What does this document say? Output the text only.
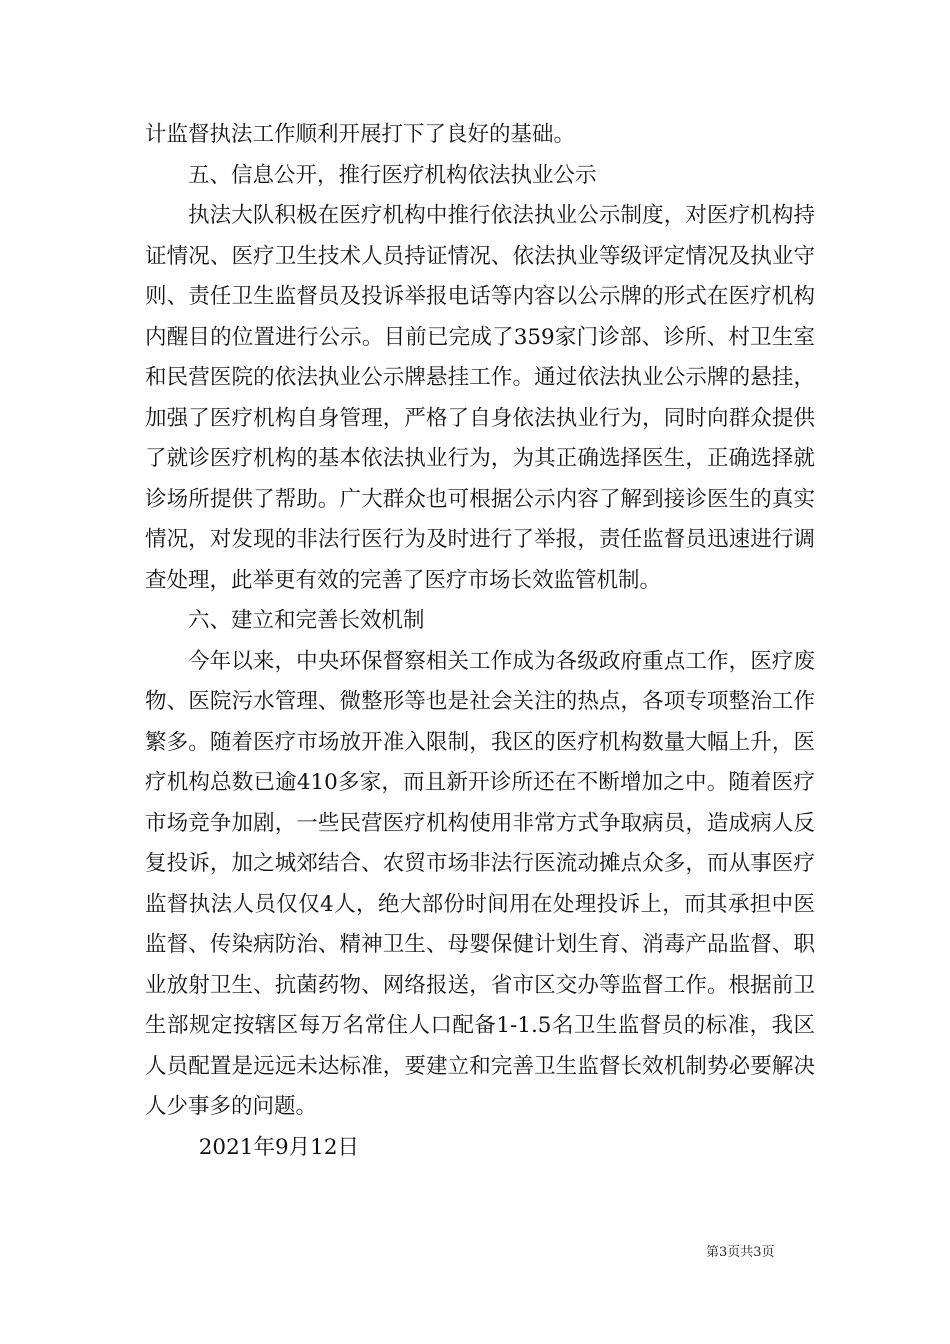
计监督执法工作顺利开展打下了良好的基础。

五、信息公开，推行医疗机构依法执业公示

执法大队积极在医疗机构中推行依法执业公示制度，对医疗机构持证情况、医疗卫生技术人员持证情况、依法执业等级评定情况及执业守则、责任卫生监督员及投诉举报电话等内容以公示牌的形式在医疗机构内醒目的位置进行公示。目前已完成了359家门诊部、诊所、村卫生室和民营医院的依法执业公示牌悬挂工作。通过依法执业公示牌的悬挂，加强了医疗机构自身管理，严格了自身依法执业行为，同时向群众提供了就诊医疗机构的基本依法执业行为，为其正确选择医生，正确选择就诊场所提供了帮助。广大群众也可根据公示内容了解到接诊医生的真实情况，对发现的非法行医行为及时进行了举报，责任监督员迅速进行调查处理，此举更有效的完善了医疗市场长效监管机制。

六、建立和完善长效机制

今年以来，中央环保督察相关工作成为各级政府重点工作，医疗废物、医院污水管理、微整形等也是社会关注的热点，各项专项整治工作繁多。随着医疗市场放开准入限制，我区的医疗机构数量大幅上升，医疗机构总数已逾410多家，而且新开诊所还在不断增加之中。随着医疗市场竞争加剧，一些民营医疗机构使用非常方式争取病员，造成病人反复投诉，加之城郊结合、农贸市场非法行医流动摊点众多，而从事医疗监督执法人员仅仅4人，绝大部份时间用在处理投诉上，而其承担中医监督、传染病防治、精神卫生、母婴保健计划生育、消毒产品监督、职业放射卫生、抗菌药物、网络报送，省市区交办等监督工作。根据前卫生部规定按辖区每万名常住人口配备1-1.5名卫生监督员的标准，我区人员配置是远远未达标准，要建立和完善卫生监督长效机制势必要解决人少事多的问题。

2021年9月12日

第3页共3页
